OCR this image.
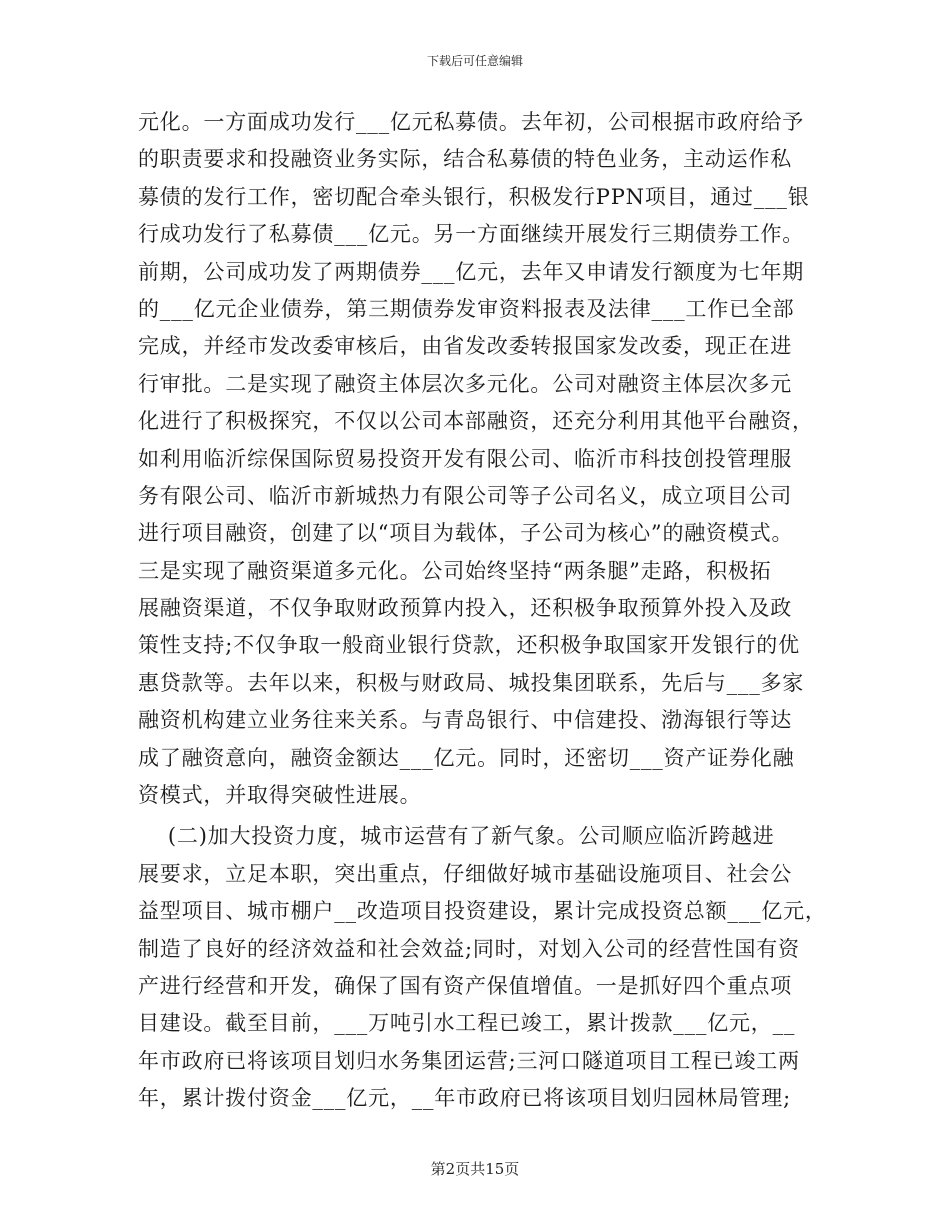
下载后可任意编辑
元化。一方面成功发行___亿元私募债。去年初，公司根据市政府给予
的职责要求和投融资业务实际，结合私募债的特色业务，主动运作私
募债的发行工作，密切配合牵头银行，积极发行PPN项目，通过___银
行成功发行了私募债___亿元。另一方面继续开展发行三期债券工作。
前期，公司成功发了两期债券___亿元，去年又申请发行额度为七年期
的___亿元企业债券，第三期债券发审资料报表及法律___工作已全部
完成，并经市发改委审核后，由省发改委转报国家发改委，现正在进
行审批。二是实现了融资主体层次多元化。公司对融资主体层次多元
化进行了积极探究，不仅以公司本部融资，还充分利用其他平台融资，
如利用临沂综保国际贸易投资开发有限公司、临沂市科技创投管理服
务有限公司、临沂市新城热力有限公司等子公司名义，成立项目公司
进行项目融资，创建了以“项目为载体，子公司为核心”的融资模式。
三是实现了融资渠道多元化。公司始终坚持“两条腿”走路，积极拓
展融资渠道，不仅争取财政预算内投入，还积极争取预算外投入及政
策性支持;不仅争取一般商业银行贷款，还积极争取国家开发银行的优
惠贷款等。去年以来，积极与财政局、城投集团联系，先后与___多家
融资机构建立业务往来关系。与青岛银行、中信建投、渤海银行等达
成了融资意向，融资金额达___亿元。同时，还密切___资产证券化融
资模式，并取得突破性进展。
(二)加大投资力度，城市运营有了新气象。公司顺应临沂跨越进
展要求，立足本职，突出重点，仔细做好城市基础设施项目、社会公
益型项目、城市棚户__改造项目投资建设，累计完成投资总额___亿元，
制造了良好的经济效益和社会效益;同时，对划入公司的经营性国有资
产进行经营和开发，确保了国有资产保值增值。一是抓好四个重点项
目建设。截至目前，___万吨引水工程已竣工，累计拨款___亿元，__
年市政府已将该项目划归水务集团运营;三河口隧道项目工程已竣工两
年，累计拨付资金___亿元，__年市政府已将该项目划归园林局管理;
第2页共15页
